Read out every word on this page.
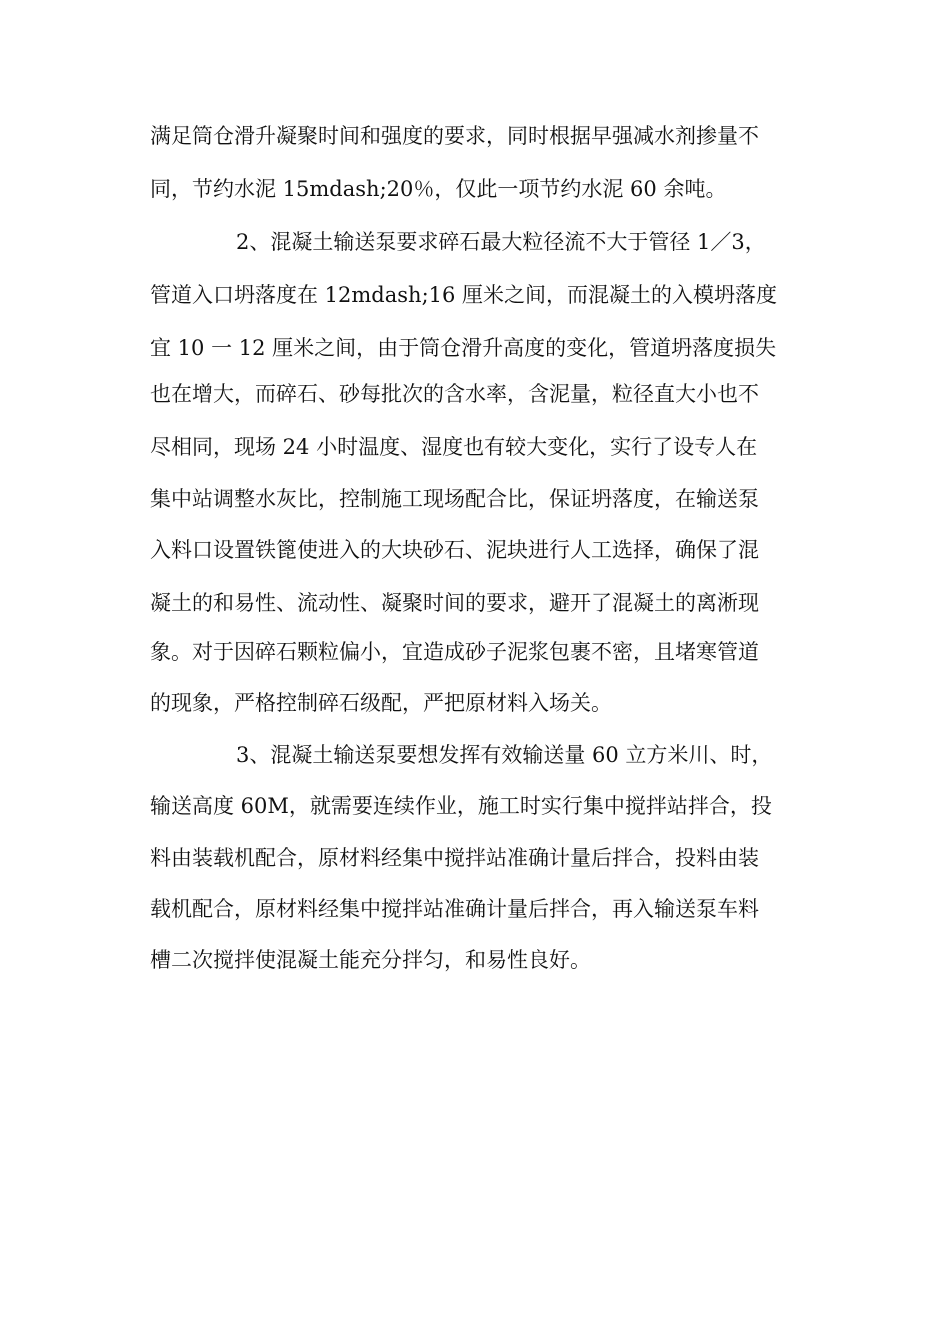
满足筒仓滑升凝聚时间和强度的要求，同时根据早强减水剂掺量不
同，节约水泥 15mdash;20％，仅此一项节约水泥 60 余吨。
2、混凝土输送泵要求碎石最大粒径流不大于管径 1／3，
管道入口坍落度在 12mdash;16 厘米之间，而混凝土的入模坍落度
宜 10 一 12 厘米之间，由于筒仓滑升高度的变化，管道坍落度损失
也在增大，而碎石、砂每批次的含水率，含泥量，粒径直大小也不
尽相同，现场 24 小时温度、湿度也有较大变化，实行了设专人在
集中站调整水灰比，控制施工现场配合比，保证坍落度，在输送泵
入料口设置铁篦使进入的大块砂石、泥块进行人工选择，确保了混
凝土的和易性、流动性、凝聚时间的要求，避开了混凝土的离淅现
象。对于因碎石颗粒偏小，宜造成砂子泥浆包裹不密，且堵寒管道
的现象，严格控制碎石级配，严把原材料入场关。
3、混凝土输送泵要想发挥有效输送量 60 立方米川、时，
输送高度 60M，就需要连续作业，施工时实行集中搅拌站拌合，投
料由装载机配合，原材料经集中搅拌站准确计量后拌合，投料由装
载机配合，原材料经集中搅拌站准确计量后拌合，再入输送泵车料
槽二次搅拌使混凝土能充分拌匀，和易性良好。
